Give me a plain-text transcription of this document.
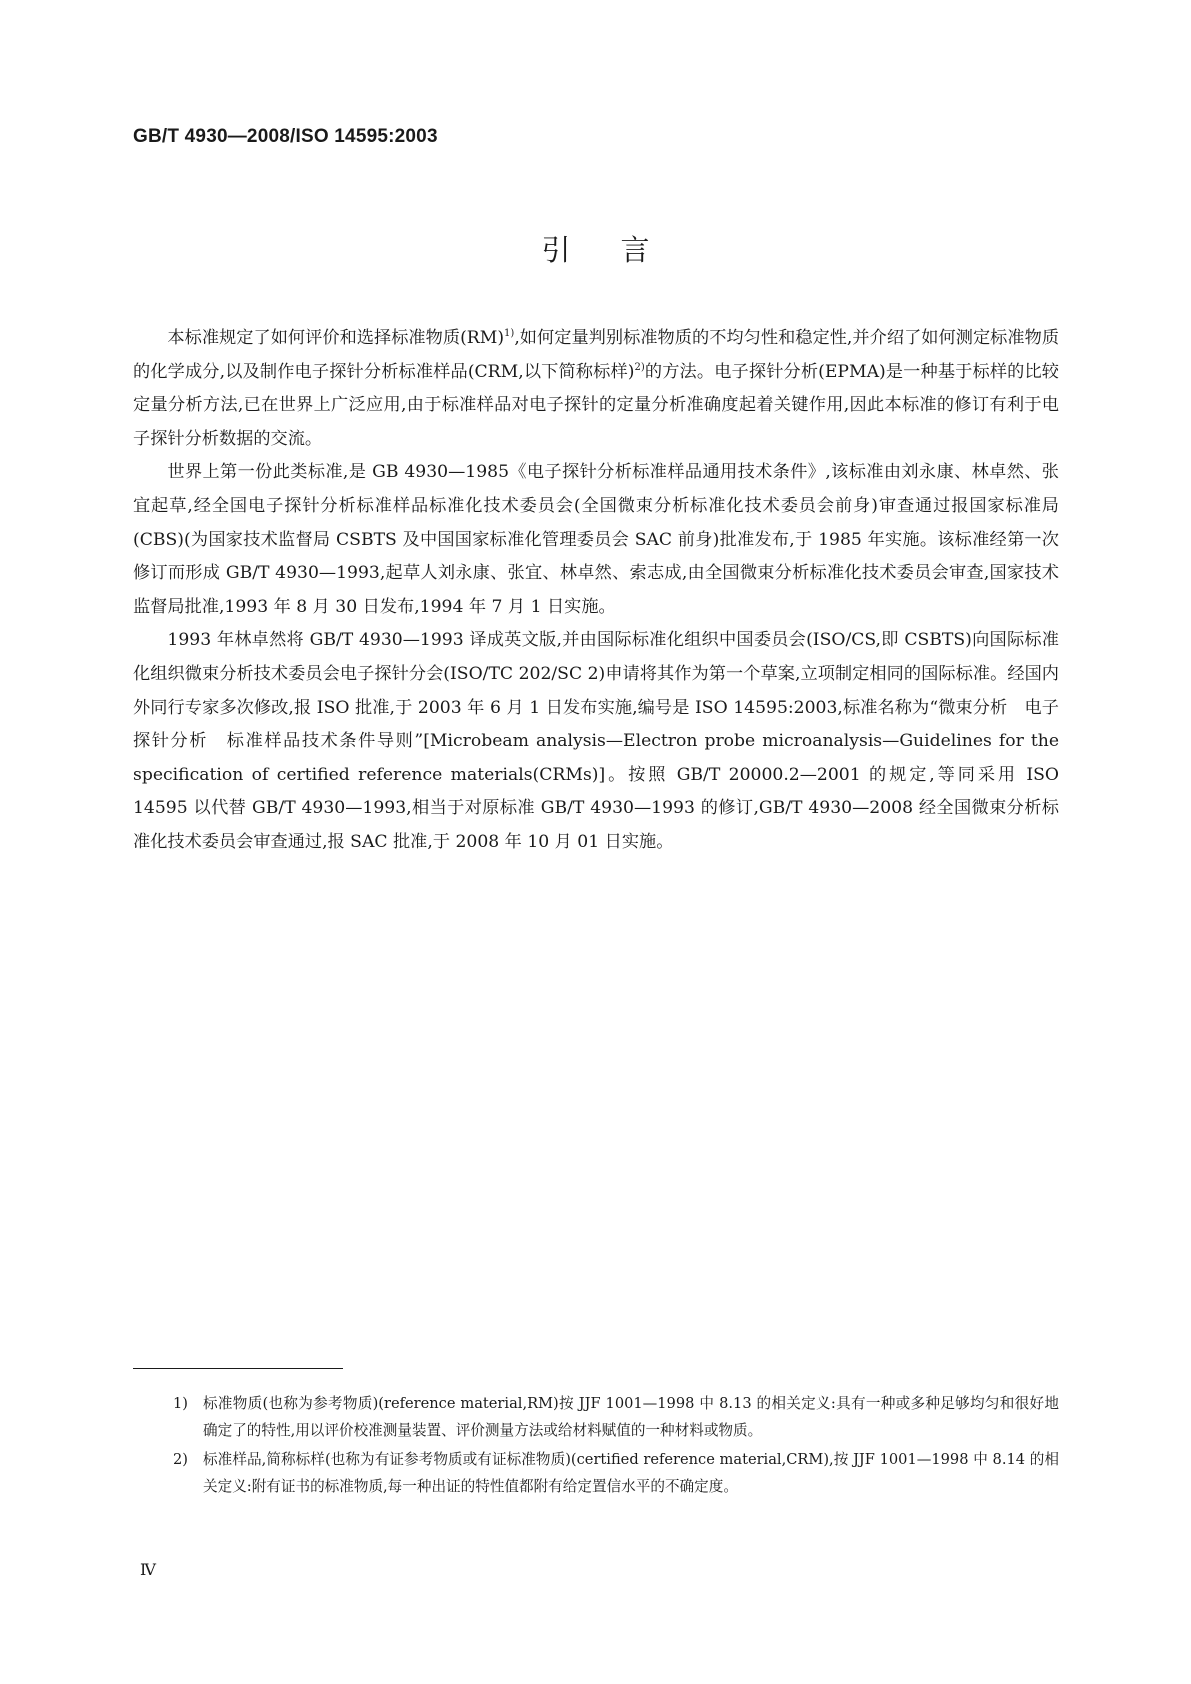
GB/T 4930—2008/ISO 14595:2003
引言

本标准规定了如何评价和选择标准物质(RM)$^{1)}$,如何定量判别标准物质的不均匀性和稳定性,并介绍了如何测定标准物质的化学成分,以及制作电子探针分析标准样品(CRM,以下简称标样)$^{2)}$的方法。电子探针分析(EPMA)是一种基于标样的比较定量分析方法,已在世界上广泛应用,由于标准样品对电子探针的定量分析准确度起着关键作用,因此本标准的修订有利于电子探针分析数据的交流。

世界上第一份此类标准,是 GB 4930—1985《电子探针分析标准样品通用技术条件》,该标准由刘永康、林卓然、张宜起草,经全国电子探针分析标准样品标准化技术委员会(全国微束分析标准化技术委员会前身)审查通过报国家标准局(CBS)(为国家技术监督局 CSBTS 及中国国家标准化管理委员会 SAC 前身)批准发布,于 1985 年实施。该标准经第一次修订而形成 GB/T 4930—1993,起草人刘永康、张宜、林卓然、索志成,由全国微束分析标准化技术委员会审查,国家技术监督局批准,1993 年 8 月 30 日发布,1994 年 7 月 1 日实施。

1993 年林卓然将 GB/T 4930—1993 译成英文版,并由国际标准化组织中国委员会(ISO/CS,即 CSBTS)向国际标准化组织微束分析技术委员会电子探针分会(ISO/TC 202/SC 2)申请将其作为第一个草案,立项制定相同的国际标准。经国内外同行专家多次修改,报 ISO 批准,于 2003 年 6 月 1 日发布实施,编号是 ISO 14595:2003,标准名称为“微束分析　电子探针分析　标准样品技术条件导则”[Microbeam analysis—Electron probe microanalysis—Guidelines for the specification of certified reference materials(CRMs)]。按照 GB/T 20000.2—2001 的规定,等同采用 ISO 14595 以代替 GB/T 4930—1993,相当于对原标准 GB/T 4930—1993 的修订,GB/T 4930—2008 经全国微束分析标准化技术委员会审查通过,报 SAC 批准,于 2008 年 10 月 01 日实施。

1)	标准物质(也称为参考物质)(reference material,RM)按 JJF 1001—1998 中 8.13 的相关定义:具有一种或多种足够均匀和很好地确定了的特性,用以评价校准测量装置、评价测量方法或给材料赋值的一种材料或物质。
2)	标准样品,简称标样(也称为有证参考物质或有证标准物质)(certified reference material,CRM),按 JJF 1001—1998 中 8.14 的相关定义:附有证书的标准物质,每一种出证的特性值都附有给定置信水平的不确定度。
Ⅳ
